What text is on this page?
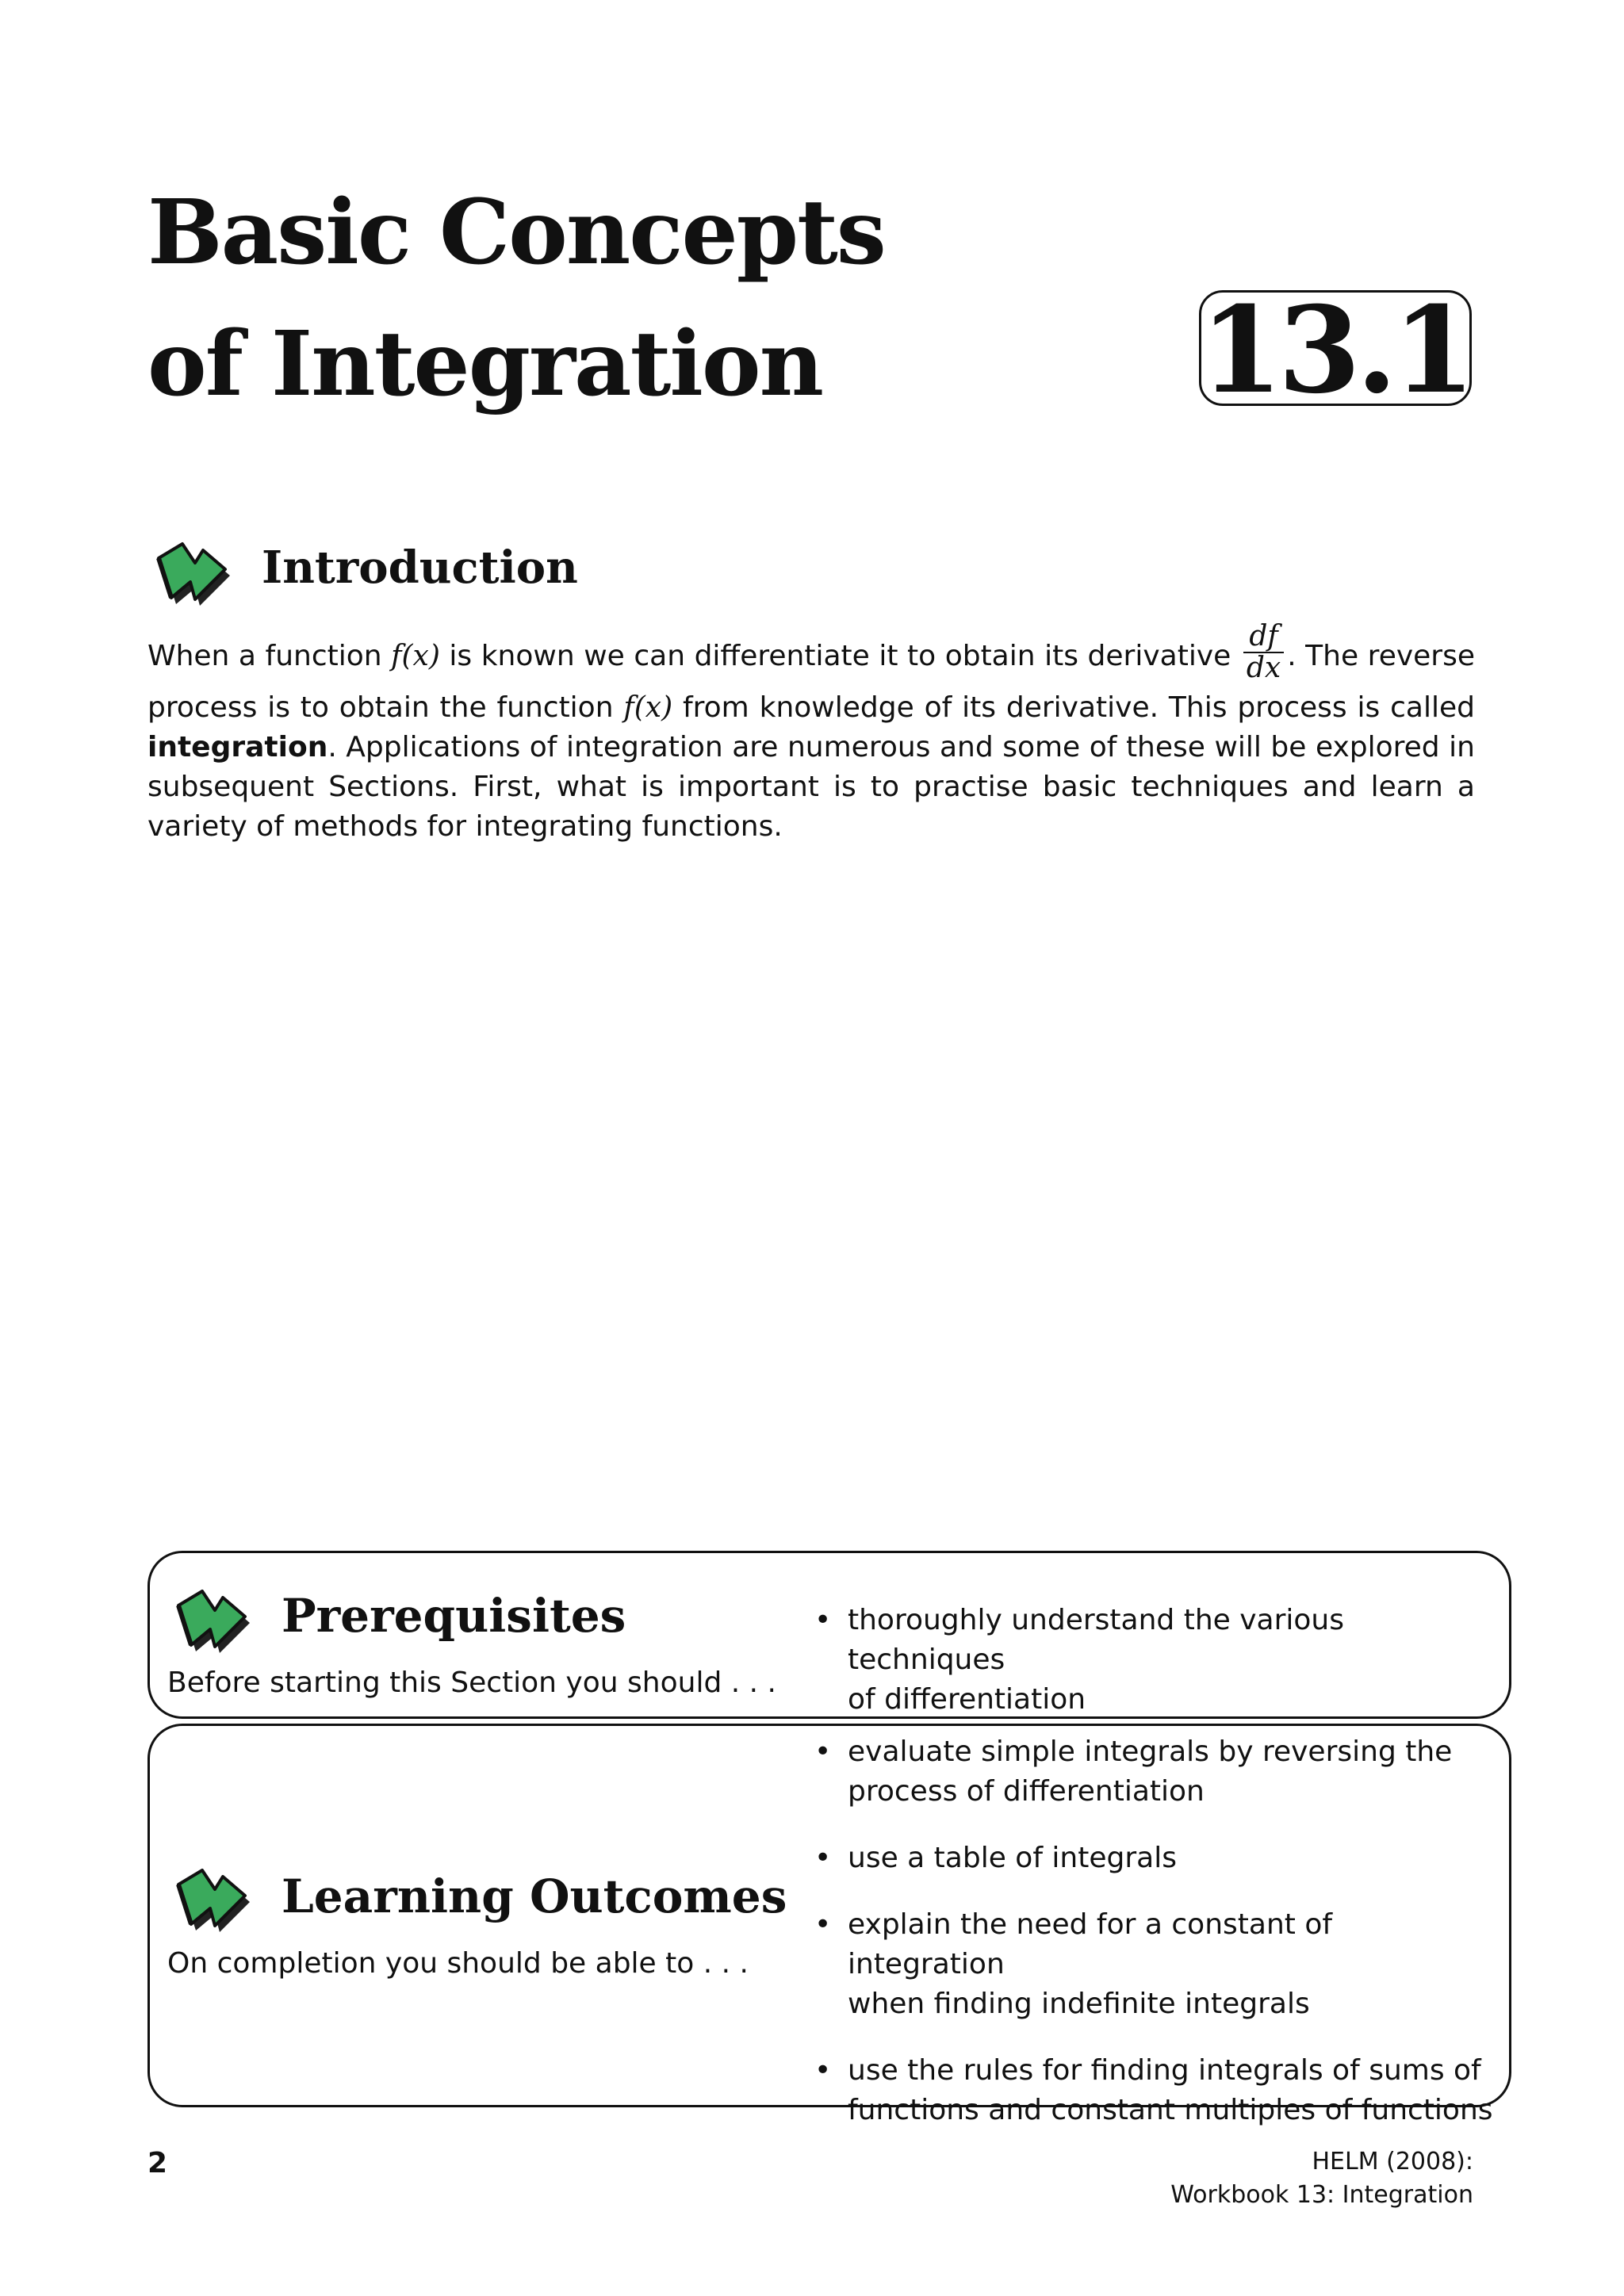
Basic Concepts
of Integration	13.1
Introduction
When a function f(x) is known we can differentiate it to obtain its derivative $\frac{df}{dx}$ . The reverse process is to obtain the function f(x) from knowledge of its derivative. This process is called integration. Applications of integration are numerous and some of these will be explored in subsequent Sections. First, what is important is to practise basic techniques and learn a variety of methods for integrating functions.
Prerequisites
Before starting this Section you should . . .
• thoroughly understand the various techniques
of differentiation
Learning Outcomes
On completion you should be able to . . .
• evaluate simple integrals by reversing the
process of differentiation
• use a table of integrals
• explain the need for a constant of integration
when finding indefinite integrals
• use the rules for finding integrals of sums of
functions and constant multiples of functions
2	HELM (2008):
Workbook 13: Integration
